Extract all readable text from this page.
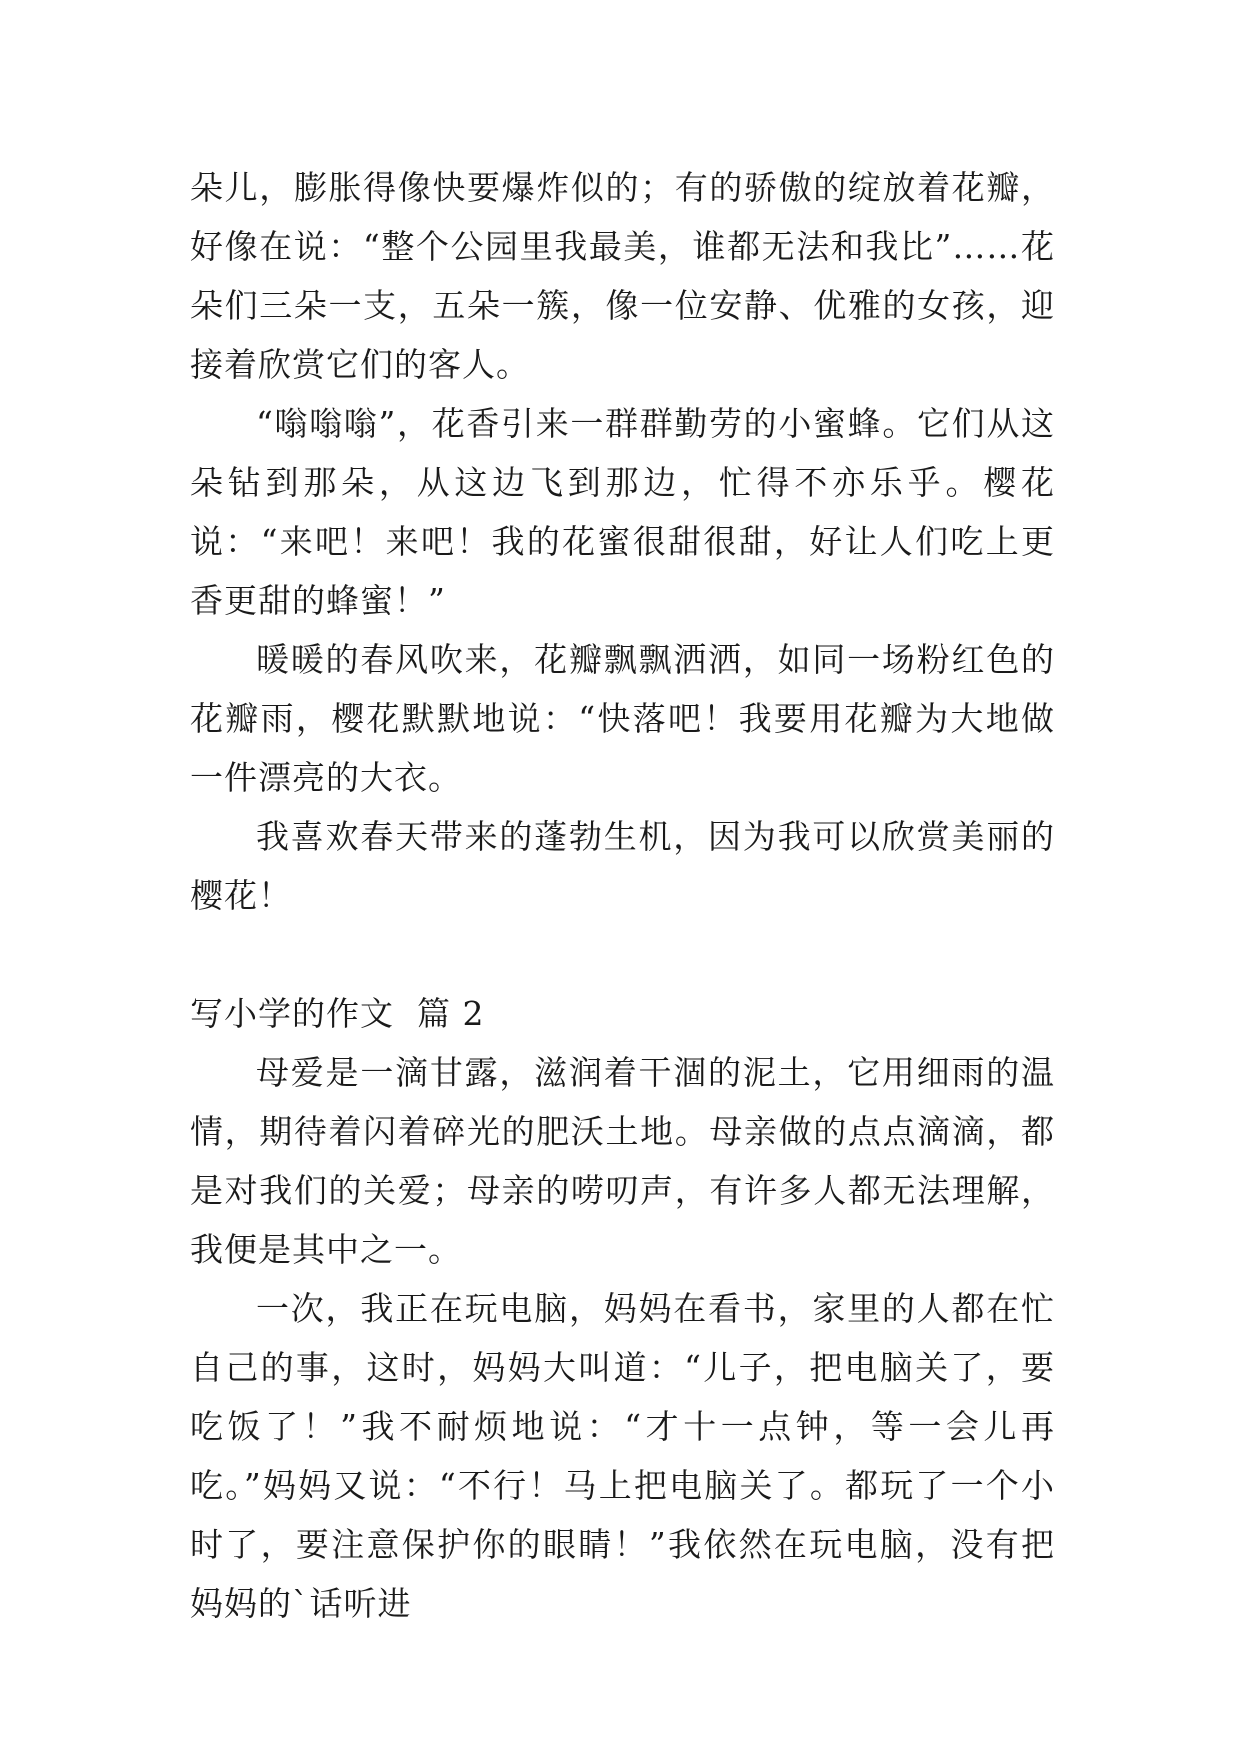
朵儿，膨胀得像快要爆炸似的；有的骄傲的绽放着花瓣，好像在说：“整个公园里我最美，谁都无法和我比”……花朵们三朵一支，五朵一簇，像一位安静、优雅的女孩，迎接着欣赏它们的客人。

“嗡嗡嗡”，花香引来一群群勤劳的小蜜蜂。它们从这朵钻到那朵，从这边飞到那边，忙得不亦乐乎。樱花说：“来吧！来吧！我的花蜜很甜很甜，好让人们吃上更香更甜的蜂蜜！”

暖暖的春风吹来，花瓣飘飘洒洒，如同一场粉红色的花瓣雨，樱花默默地说：“快落吧！我要用花瓣为大地做一件漂亮的大衣。

我喜欢春天带来的蓬勃生机，因为我可以欣赏美丽的樱花！

写小学的作文  篇 2

母爱是一滴甘露，滋润着干涸的泥土，它用细雨的温情，期待着闪着碎光的肥沃土地。母亲做的点点滴滴，都是对我们的关爱；母亲的唠叨声，有许多人都无法理解，我便是其中之一。

一次，我正在玩电脑，妈妈在看书，家里的人都在忙自己的事，这时，妈妈大叫道：“儿子，把电脑关了，要吃饭了！”我不耐烦地说：“才十一点钟，等一会儿再吃。”妈妈又说：“不行！马上把电脑关了。都玩了一个小时了，要注意保护你的眼睛！”我依然在玩电脑，没有把妈妈的`话听进
